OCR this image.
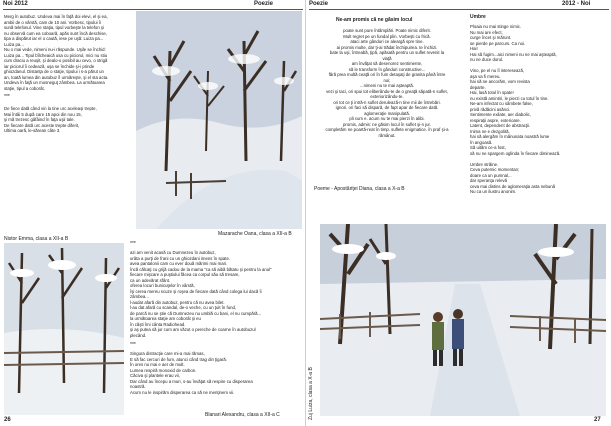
Noi 2012	Poezie

Merg în autobuz. Undeva mai în faţă doi elevi, el şi ea,

ambii de o vârstă, cam de 10 ani. Vorbesc, tipului îi

sună telefonul. Vine staţia, tipul vorbeşte la telefon şi

nu observă cum ea coboară, apăs sunt încă deschise,

tipa a dispărut iar el o caută, iese pe uşă: Luiza pa...

Luiza pa...

Nu o mai vede, nimeni nu-i răspunde. Uşile se închid:

Luiza pa... Tipul bîlcheaică usa cu piciorul, mici nu stiu

cum draciu a reuşit, şi dealo-o posibil au cevo, o strigă

iar piciorul îi cedează, uşa se închide şi-i prinde

ghiozdanul. Distanţa de o staţie, tipului i s-a părut un

an, toată lumea din autobuz îl urmăreşte, şi el sta acta.

Undeva în faţă un mosneguţ zâmbea. La următoarea

staţie, tipul a coborât.

***

De fiece dată când vin la tine urc aceleaşi trepte,

Mai întâi 5 după care 15 apoi din nou 15,

şi mă trezesc gâfâind în faţa uşii tale.

De fiecare dată urc aceste trepte diferit,

Ultima oară, le-sărean câte 3.

Mazarache Oana, clasa a XII-a B
Nistor Emma, clasa a XII-a B
***

azi am venit acasă cu Dumnezeu în autobuz,

urâta a purţi de frani cu un ghiozdani imens în spate.

avea pantalonii cam cu ever două mărimi mai mari.

încă călcaţi cu grijă cadou de la mama "ca să aibă bătatu şi pentru la anul"

fiecare mişcare a puştiului făcea ca corpul său să tresare,

ca un adevărat sfânt.

oferea locuri bunicuţelor în vârstă,

îşi cerea mereu scuze şi roşea de fiecare dată când colega lui dacă îi

zâmbea...

l-audat afară din autobuz, pentru că nu avea bilet.

l-au dat afară cu scandal, de-o veche, cu un ţuit în fund,

de parcă nu se ştie că Dumnezeu nu umblă cu bani, el nu cumpără...

la următoarea staţie am coborât şi eu

în căşti îmi cânta Radiohead.

şi aş putea să jur cum am văzut o pereche de coarne în autobuzul

plecând.

***

Singura distracţie care mi-a mai rămas,

E să fac cercuri de fum, atunci când trag din ţigară.

În ores nu mai e aer de mult.

Lumea respiră monoxid de carbon.

Căciva şi plantele erau vii,

Dar când au începu a muri, s-au învăţat să respire cu disperarea

noastră.

Acum nu le inspirăm disperarea ca să ne menţinem vii.

Blanari Alexandru, clasa a XII-a C
26
Poezie	2012 - Noi
Ne-am promis că ne găsim locul

poate sunt pure întâmplări. Poate nimic diferit.

Mult regret pe un fundal plin. Vorbeşti cu frică.

ataci arte gânduri ce aleargă spre tine.

ai promis multe, dar ţi-ai trădat închipuirea. te închizi.

bate la uşi, întreabă, ţipă, apăsată pentru un suflet revenit la

viaţă

am învăţat să desenorez sentimente,

să le transform în gânduri constructive...

fără prea multă ceaţă ori în fum detaşaţi de granita până între

noi;

...nimeni nu te mai aşteaptă.

vezi şi taci, ori spui tot eliberându-te de o greaţă săpată-n suflet,

exteriorizându-te.

ori tot ce ţi intră-n suflet derulează-n tine mii de întrebări.

ignori. ori faci să dispară, de fapt apar de fiecare dată.

aglomeraţie manipulată.

pli cum e. acum nu te mai pierzi în alibi.

promis, admis: ne găsim locul în suflet şi-n jur.

completăm ne poartă-reat în timp. suflete enigmatice. în praf şi-a

rămânut.

Poeme - Apostăriţei Diana, clasa a X-a B
Umbre

Ploaia nu mai stinge nimic.

Nu mai are efect,

curge încet şi mărunt.

se pierde pe parcurs. Ca noi.

Hai!

Hai să fugim...aici nimeni nu ne mai aşteaptă,

nu ne duce dorul.

Vino, pe el nu îl interesează,

aşa va fi mereu.

hai să ne ancorăm, vom revista

departe.

Hai, lasă totul în spate!

nu există amintiri, le pierzi cu totul în tine.

Ne-am infectat cu sâmbete false,

privă rădăcini asănci.

Sentimente exilate, aer diabolic,

respiraţii aspre, exterioare.

Latent, dependent de abstracţii.

Inima ne e dezgolită,

hai să alergăm în mânunata noastră lume

în angoasă.

Să uităm ce-a fost,

să nu ne spargem oglinda în fiecare diminează.

Umbre străine.

Ceva puternic momentan;

doare ca un pumnal...

dar speranţa relevă

ceva mai distins de aglomeraţia asta nebună

Nu ca un ilustru anonim.

Zuj Luiza, clasa a X-a B	27
